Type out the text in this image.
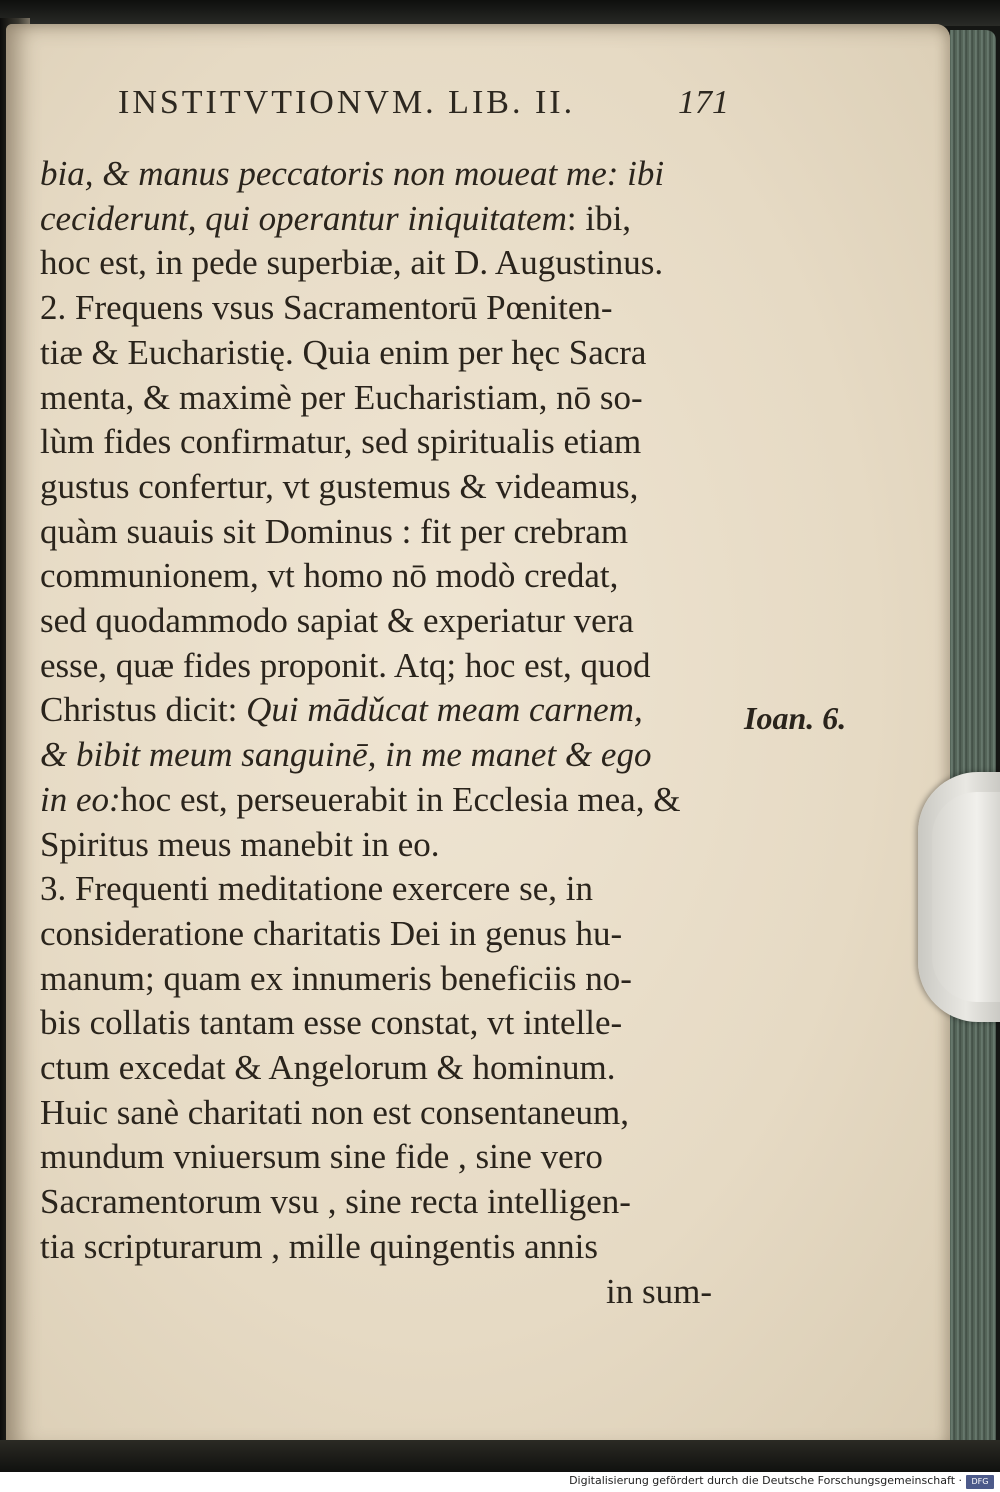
INSTITVTIONVM. LIB. II.	171
bia, & manus peccatoris non moueat me: ibi
ceciderunt, qui operantur iniquitatem: ibi,
hoc est, in pede superbiæ, ait D. Augustinus.
2. Frequens vsus Sacramentorū Pœniten-
tiæ & Eucharistię. Quia enim per hęc Sacra
menta, & maximè per Eucharistiam, nō so-
lùm fides confirmatur, sed spiritualis etiam
gustus confertur, vt gustemus & videamus,
quàm suauis sit Dominus : fit per crebram
communionem, vt homo nō modò credat,
sed quodammodo sapiat & experiatur vera
esse, quæ fides proponit. Atq; hoc est, quod
Christus dicit: Qui mādǔcat meam carnem,
& bibit meum sanguinē, in me manet & ego
in eo:hoc est, perseuerabit in Ecclesia mea, &
Spiritus meus manebit in eo.
3. Frequenti meditatione exercere se, in
consideratione charitatis Dei in genus hu-
manum; quam ex innumeris beneficiis no-
bis collatis tantam esse constat, vt intelle-
ctum excedat & Angelorum & hominum.
Huic sanè charitati non est consentaneum,
mundum vniuersum sine fide , sine vero
Sacramentorum vsu , sine recta intelligen-
tia scripturarum , mille quingentis annis
in sum-
Ioan. 6.
Digitalisierung gefördert durch die Deutsche Forschungsgemeinschaft ·	DFG
